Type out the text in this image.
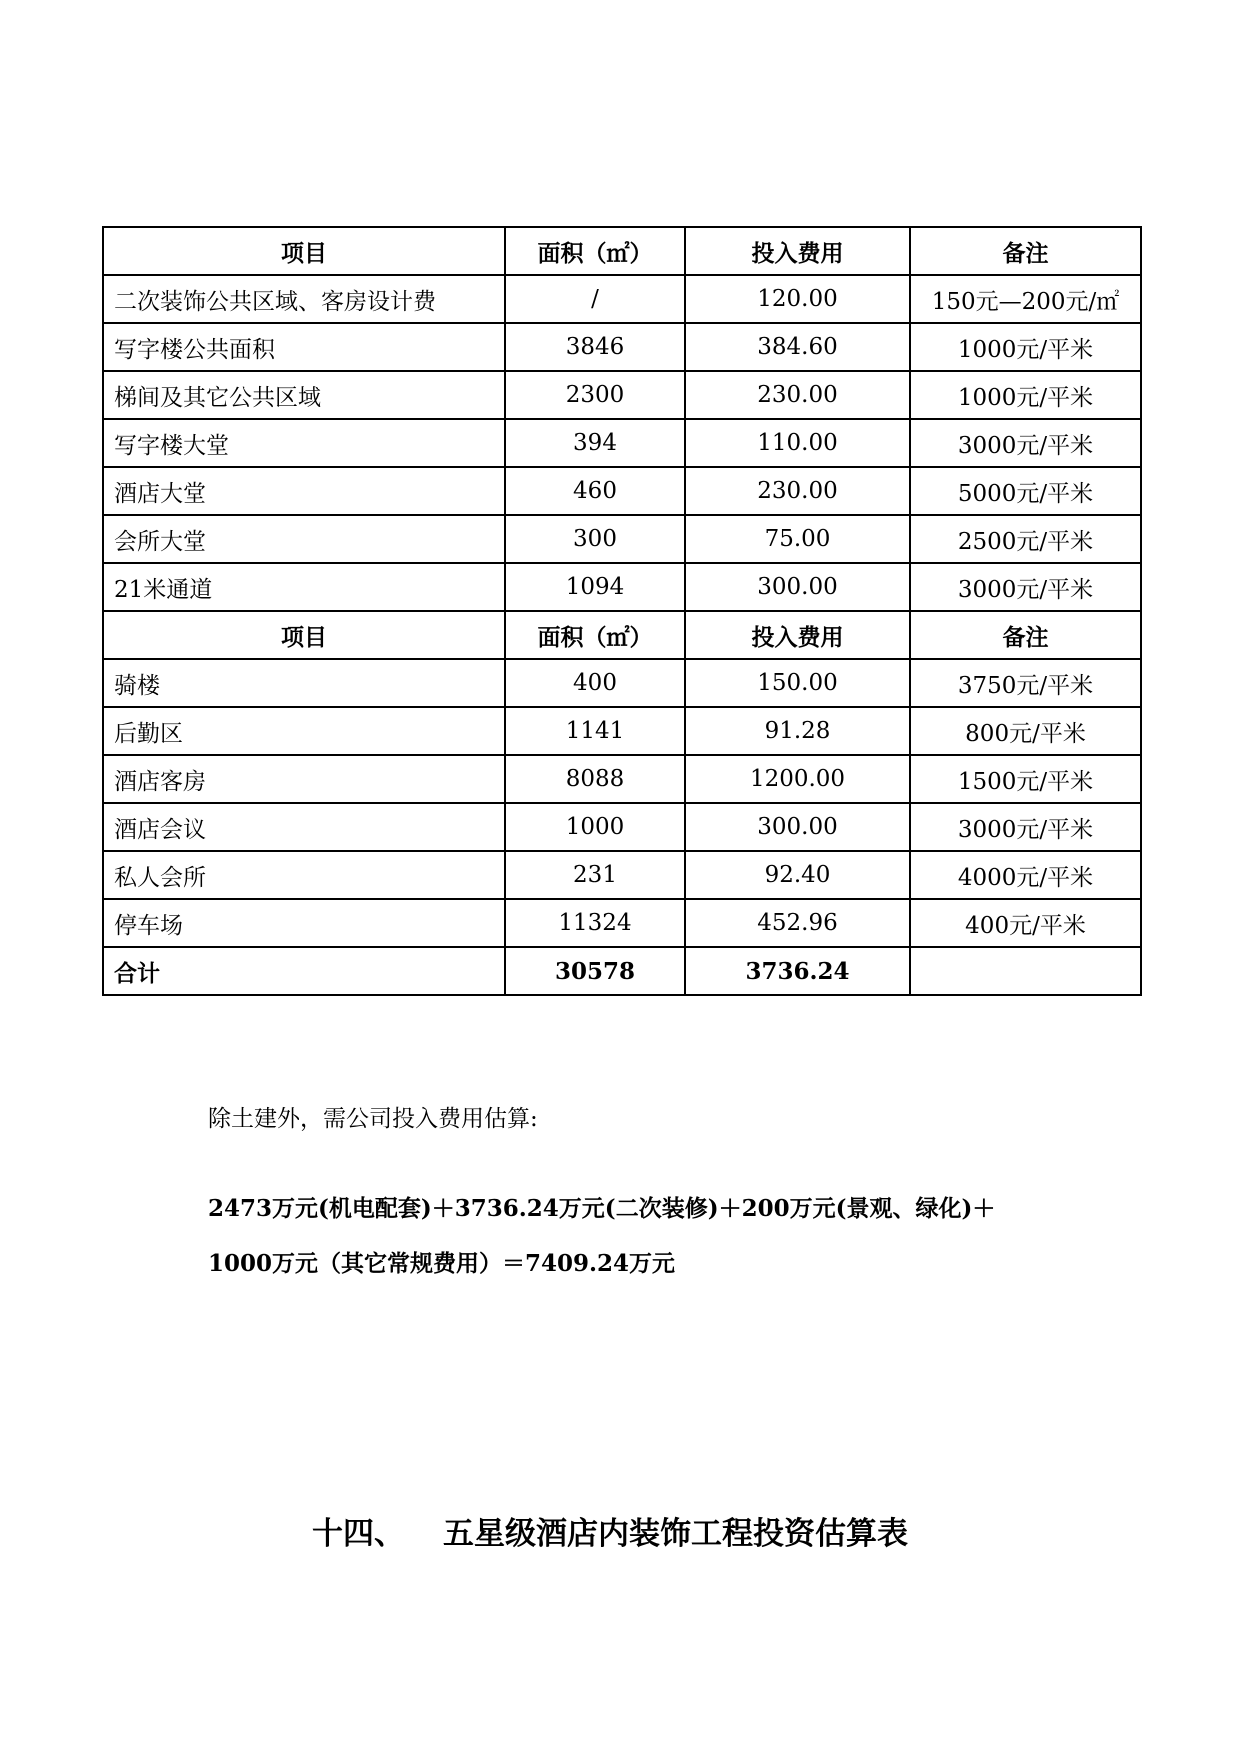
项目	面积（㎡）	投入费用	备注
二次装饰公共区域、客房设计费	/	120.00	150元—200元/㎡
写字楼公共面积	3846	384.60	1000元/平米
梯间及其它公共区域	2300	230.00	1000元/平米
写字楼大堂	394	110.00	3000元/平米
酒店大堂	460	230.00	5000元/平米
会所大堂	300	75.00	2500元/平米
21米通道	1094	300.00	3000元/平米
项目	面积（㎡）	投入费用	备注
骑楼	400	150.00	3750元/平米
后勤区	1141	91.28	800元/平米
酒店客房	8088	1200.00	1500元/平米
酒店会议	1000	300.00	3000元/平米
私人会所	231	92.40	4000元/平米
停车场	11324	452.96	400元/平米
合计	30578	3736.24	
除土建外，需公司投入费用估算:
2473万元(机电配套)＋3736.24万元(二次装修)＋200万元(景观、绿化)＋
1000万元（其它常规费用）＝7409.24万元
十四、 五星级酒店内装饰工程投资估算表
